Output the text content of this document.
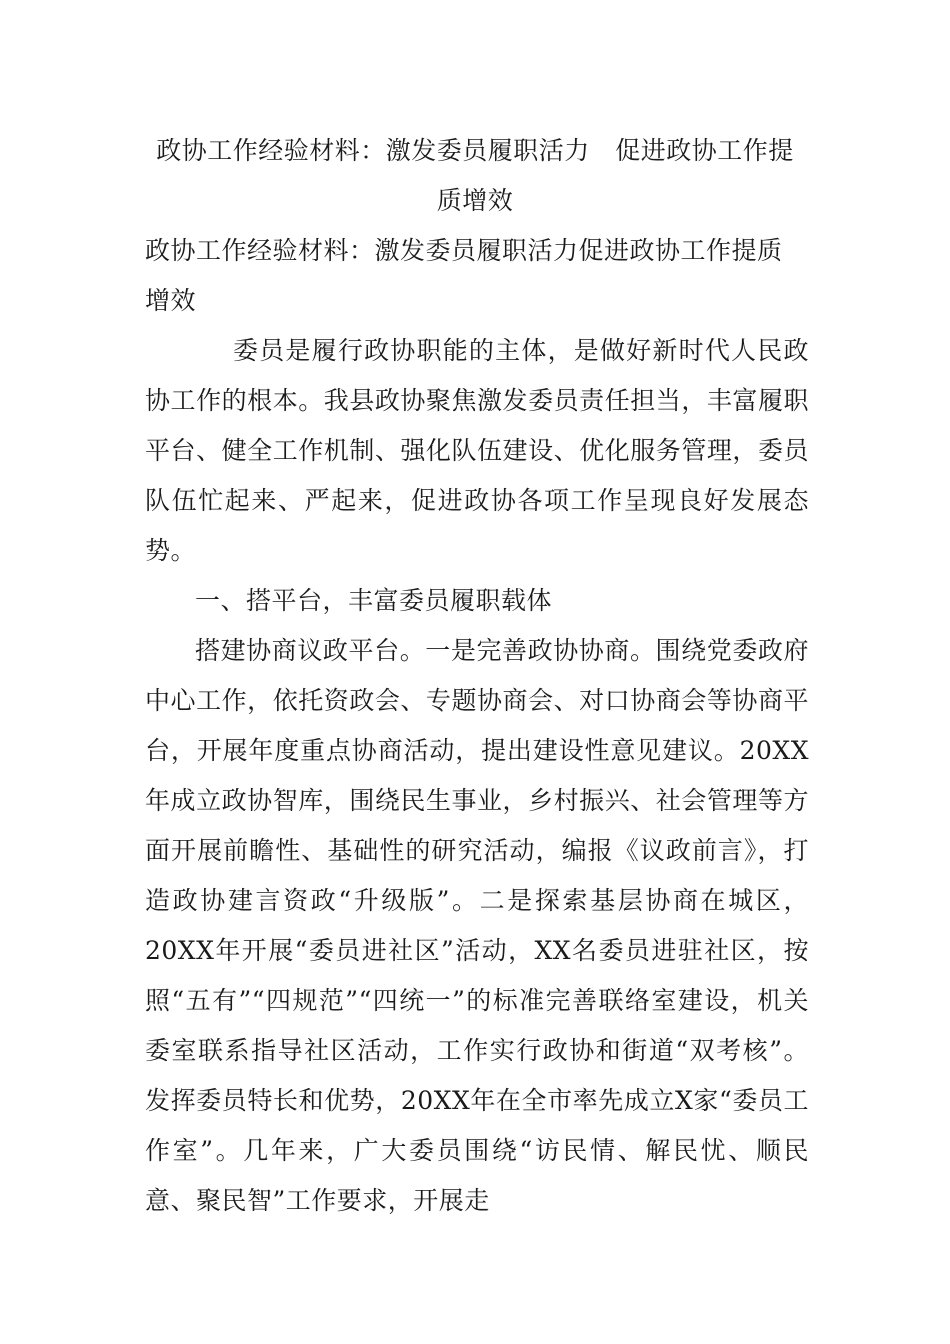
政协工作经验材料：激发委员履职活力　促进政协工作提
质增效
政协工作经验材料：激发委员履职活力促进政协工作提质增效
委员是履行政协职能的主体，是做好新时代人民政协工作的根本。我县政协聚焦激发委员责任担当，丰富履职平台、健全工作机制、强化队伍建设、优化服务管理，委员队伍忙起来、严起来，促进政协各项工作呈现良好发展态势。
一、搭平台，丰富委员履职载体
搭建协商议政平台。一是完善政协协商。围绕党委政府中心工作，依托资政会、专题协商会、对口协商会等协商平台，开展年度重点协商活动，提出建设性意见建议。20XX年成立政协智库，围绕民生事业，乡村振兴、社会管理等方面开展前瞻性、基础性的研究活动，编报《议政前言》，打造政协建言资政“升级版”。二是探索基层协商在城区，20XX年开展“委员进社区”活动，XX名委员进驻社区，按照“五有”“四规范”“四统一”的标准完善联络室建设，机关委室联系指导社区活动，工作实行政协和街道“双考核”。发挥委员特长和优势，20XX年在全市率先成立X家“委员工作室”。几年来，广大委员围绕“访民情、解民忧、顺民意、聚民智”工作要求，开展走
